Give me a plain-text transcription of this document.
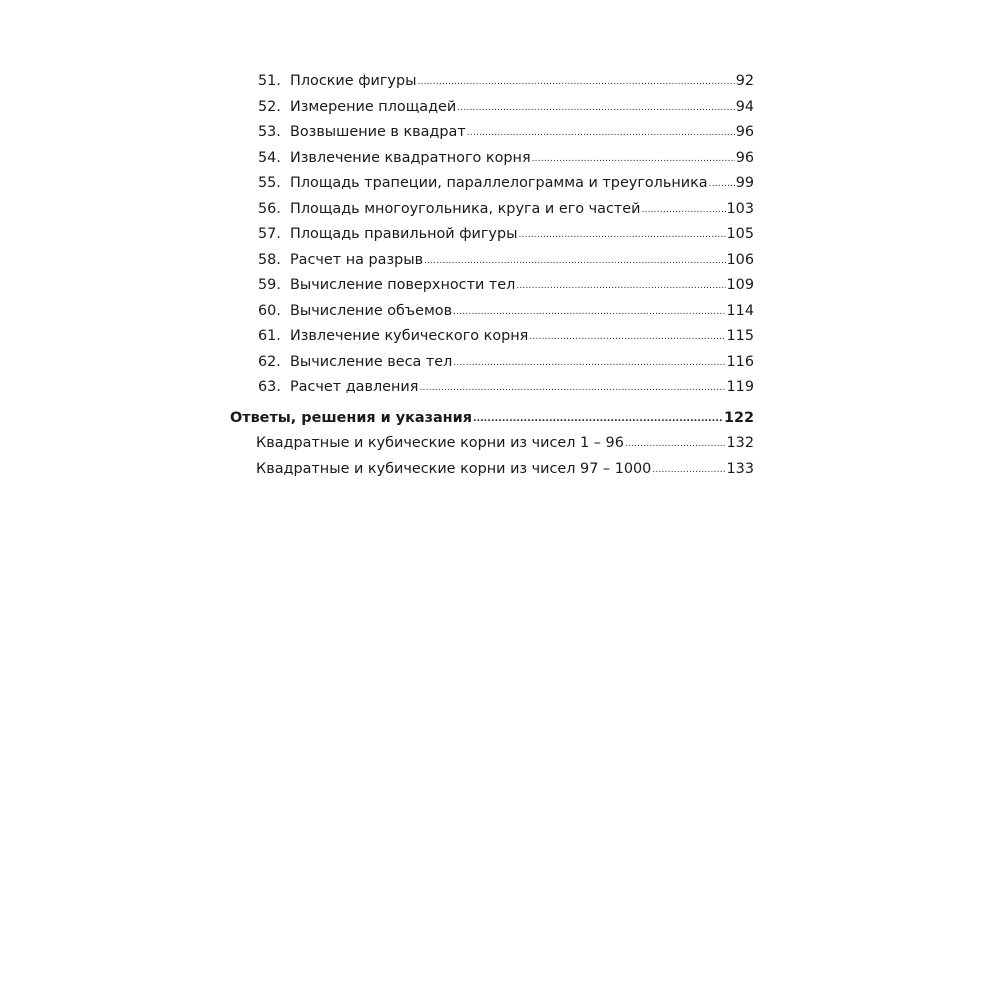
51. Плоские фигуры .....	92
52. Измерение площадей .....	94
53. Возвышение в квадрат .....	96
54. Извлечение квадратного корня .....	96
55. Площадь трапеции, параллелограмма и треугольника ..... 99
56. Площадь многоугольника, круга и его частей .....	103
57. Площадь правильной фигуры .....	105
58. Расчет на разрыв .....	106
59. Вычисление поверхности тел .....	109
60. Вычисление объемов .....	114
61. Извлечение кубического корня .....	115
62. Вычисление веса тел .....	116
63. Расчет давления .....	119
Ответы, решения и указания .....	122
Квадратные и кубические корни из чисел 1 – 96 .....	132
Квадратные и кубические корни из чисел 97 – 1000 .....	133
